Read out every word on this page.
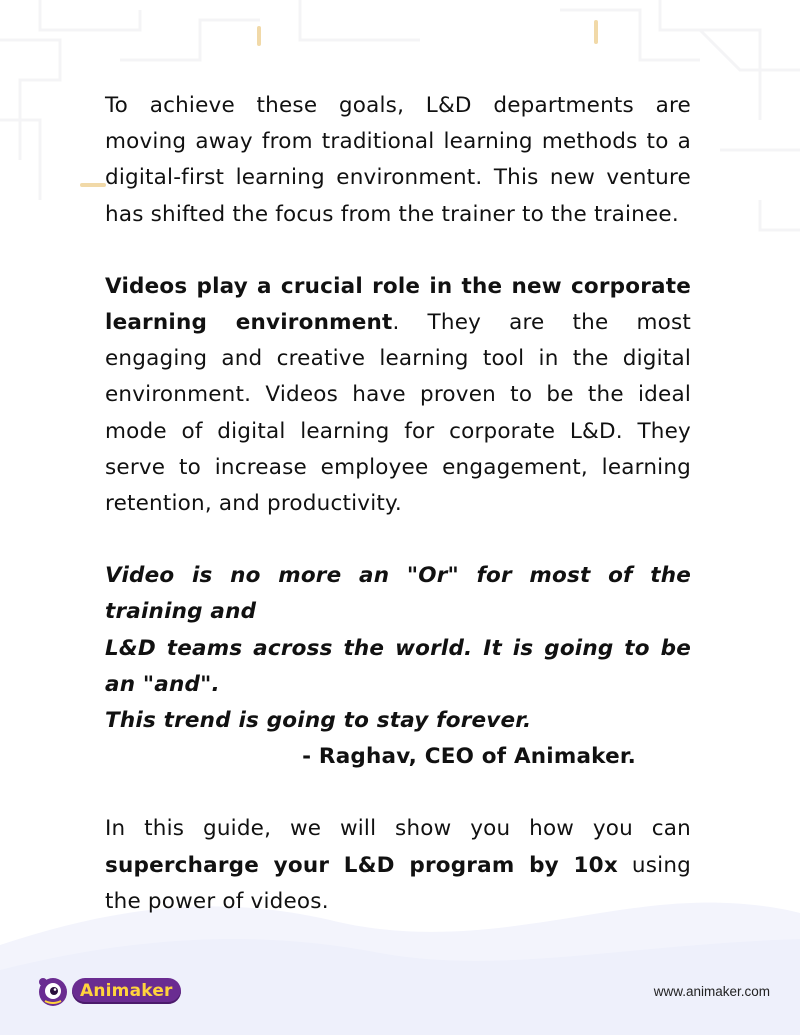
To achieve these goals, L&D departments are moving away from traditional learning methods to a digital-first learning environment. This new venture has shifted the focus from the trainer to the trainee.

Videos play a crucial role in the new corporate learning environment. They are the most engaging and creative learning tool in the digital environment. Videos have proven to be the ideal mode of digital learning for corporate L&D. They serve to increase employee engagement, learning retention, and productivity.

Video is no more an "Or" for most of the training and
L&D teams across the world. It is going to be an "and".
This trend is going to stay forever.
- Raghav, CEO of Animaker.

In this guide, we will show you how you can supercharge your L&D program by 10x using the power of videos.

Animaker	www.animaker.com
